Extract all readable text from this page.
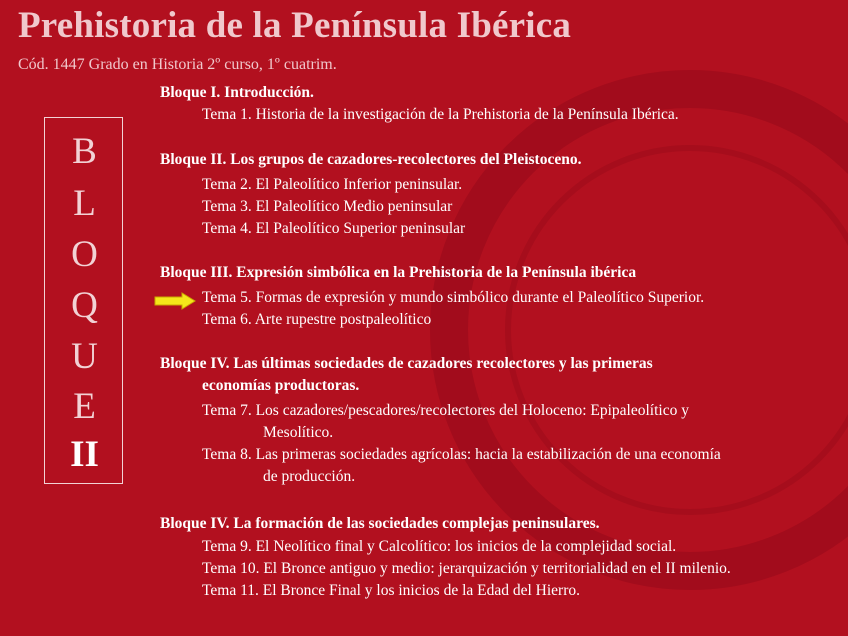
Prehistoria de la Península Ibérica
Cód. 1447 Grado en Historia 2º curso, 1º cuatrim.
B
L
O
Q
U
E
II
Bloque I. Introducción.
Tema 1. Historia de la investigación de la Prehistoria de la Península Ibérica.
Bloque II. Los grupos de cazadores-recolectores del Pleistoceno.
Tema 2. El Paleolítico Inferior peninsular.
Tema 3. El Paleolítico Medio peninsular
Tema 4. El Paleolítico Superior peninsular
Bloque III. Expresión simbólica en la Prehistoria de la Península ibérica
Tema 5. Formas de expresión y mundo simbólico durante el Paleolítico Superior.
Tema 6. Arte rupestre postpaleolítico
Bloque IV. Las últimas sociedades de cazadores recolectores y las primeras
economías productoras.
Tema 7. Los cazadores/pescadores/recolectores del Holoceno: Epipaleolítico y
Mesolítico.
Tema 8. Las primeras sociedades agrícolas: hacia la estabilización de una economía
de producción.
Bloque IV. La formación de las sociedades complejas peninsulares.
Tema 9. El Neolítico final y Calcolítico: los inicios de la complejidad social.
Tema 10. El Bronce antiguo y medio: jerarquización y territorialidad en el II milenio.
Tema 11. El Bronce Final y los inicios de la Edad del Hierro.
